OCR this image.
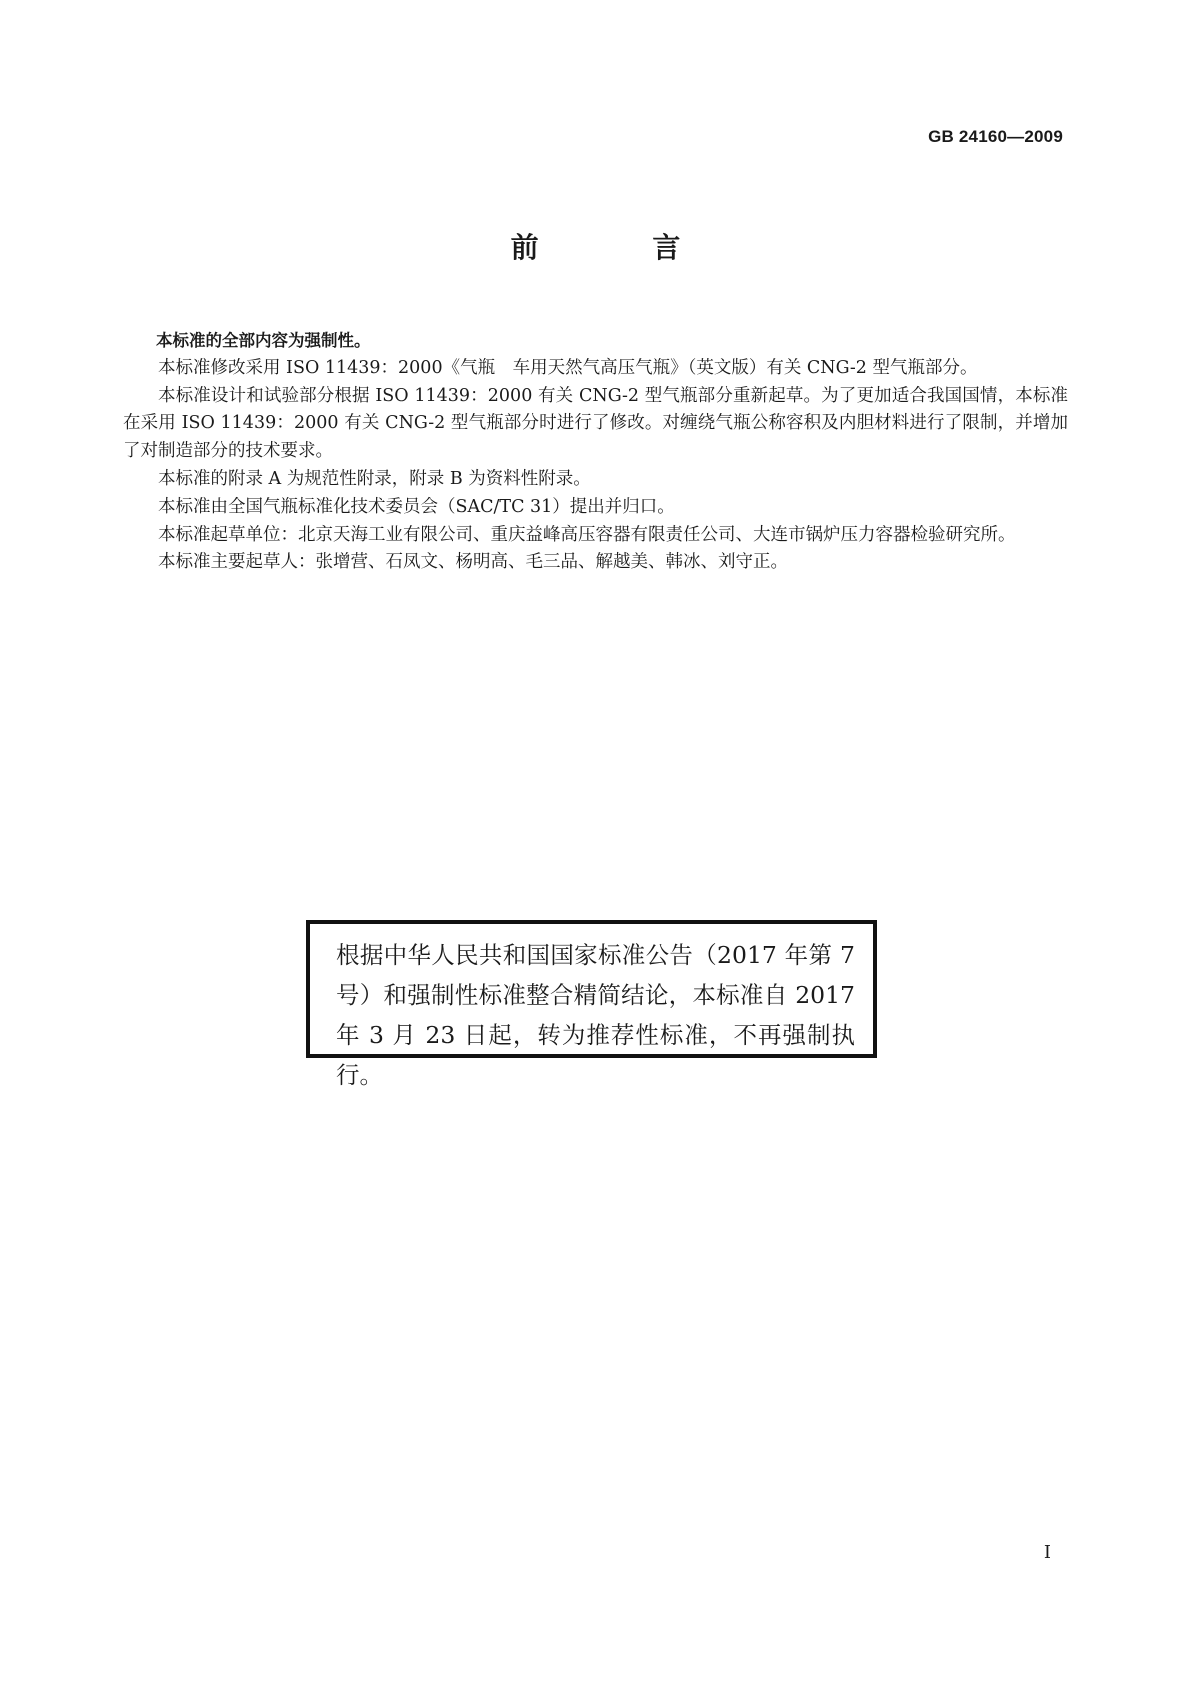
GB 24160—2009
前 言

本标准的全部内容为强制性。

本标准修改采用 ISO 11439：2000《气瓶　车用天然气高压气瓶》（英文版）有关 CNG-2 型气瓶部分。

本标准设计和试验部分根据 ISO 11439：2000 有关 CNG-2 型气瓶部分重新起草。为了更加适合我国国情，本标准在采用 ISO 11439：2000 有关 CNG-2 型气瓶部分时进行了修改。对缠绕气瓶公称容积及内胆材料进行了限制，并增加了对制造部分的技术要求。

本标准的附录 A 为规范性附录，附录 B 为资料性附录。

本标准由全国气瓶标准化技术委员会（SAC/TC 31）提出并归口。

本标准起草单位：北京天海工业有限公司、重庆益峰高压容器有限责任公司、大连市锅炉压力容器检验研究所。

本标准主要起草人：张增营、石凤文、杨明高、毛三品、解越美、韩冰、刘守正。

根据中华人民共和国国家标准公告（2017 年第 7 号）和强制性标准整合精简结论，本标准自 2017 年 3 月 23 日起，转为推荐性标准，不再强制执行。
I
